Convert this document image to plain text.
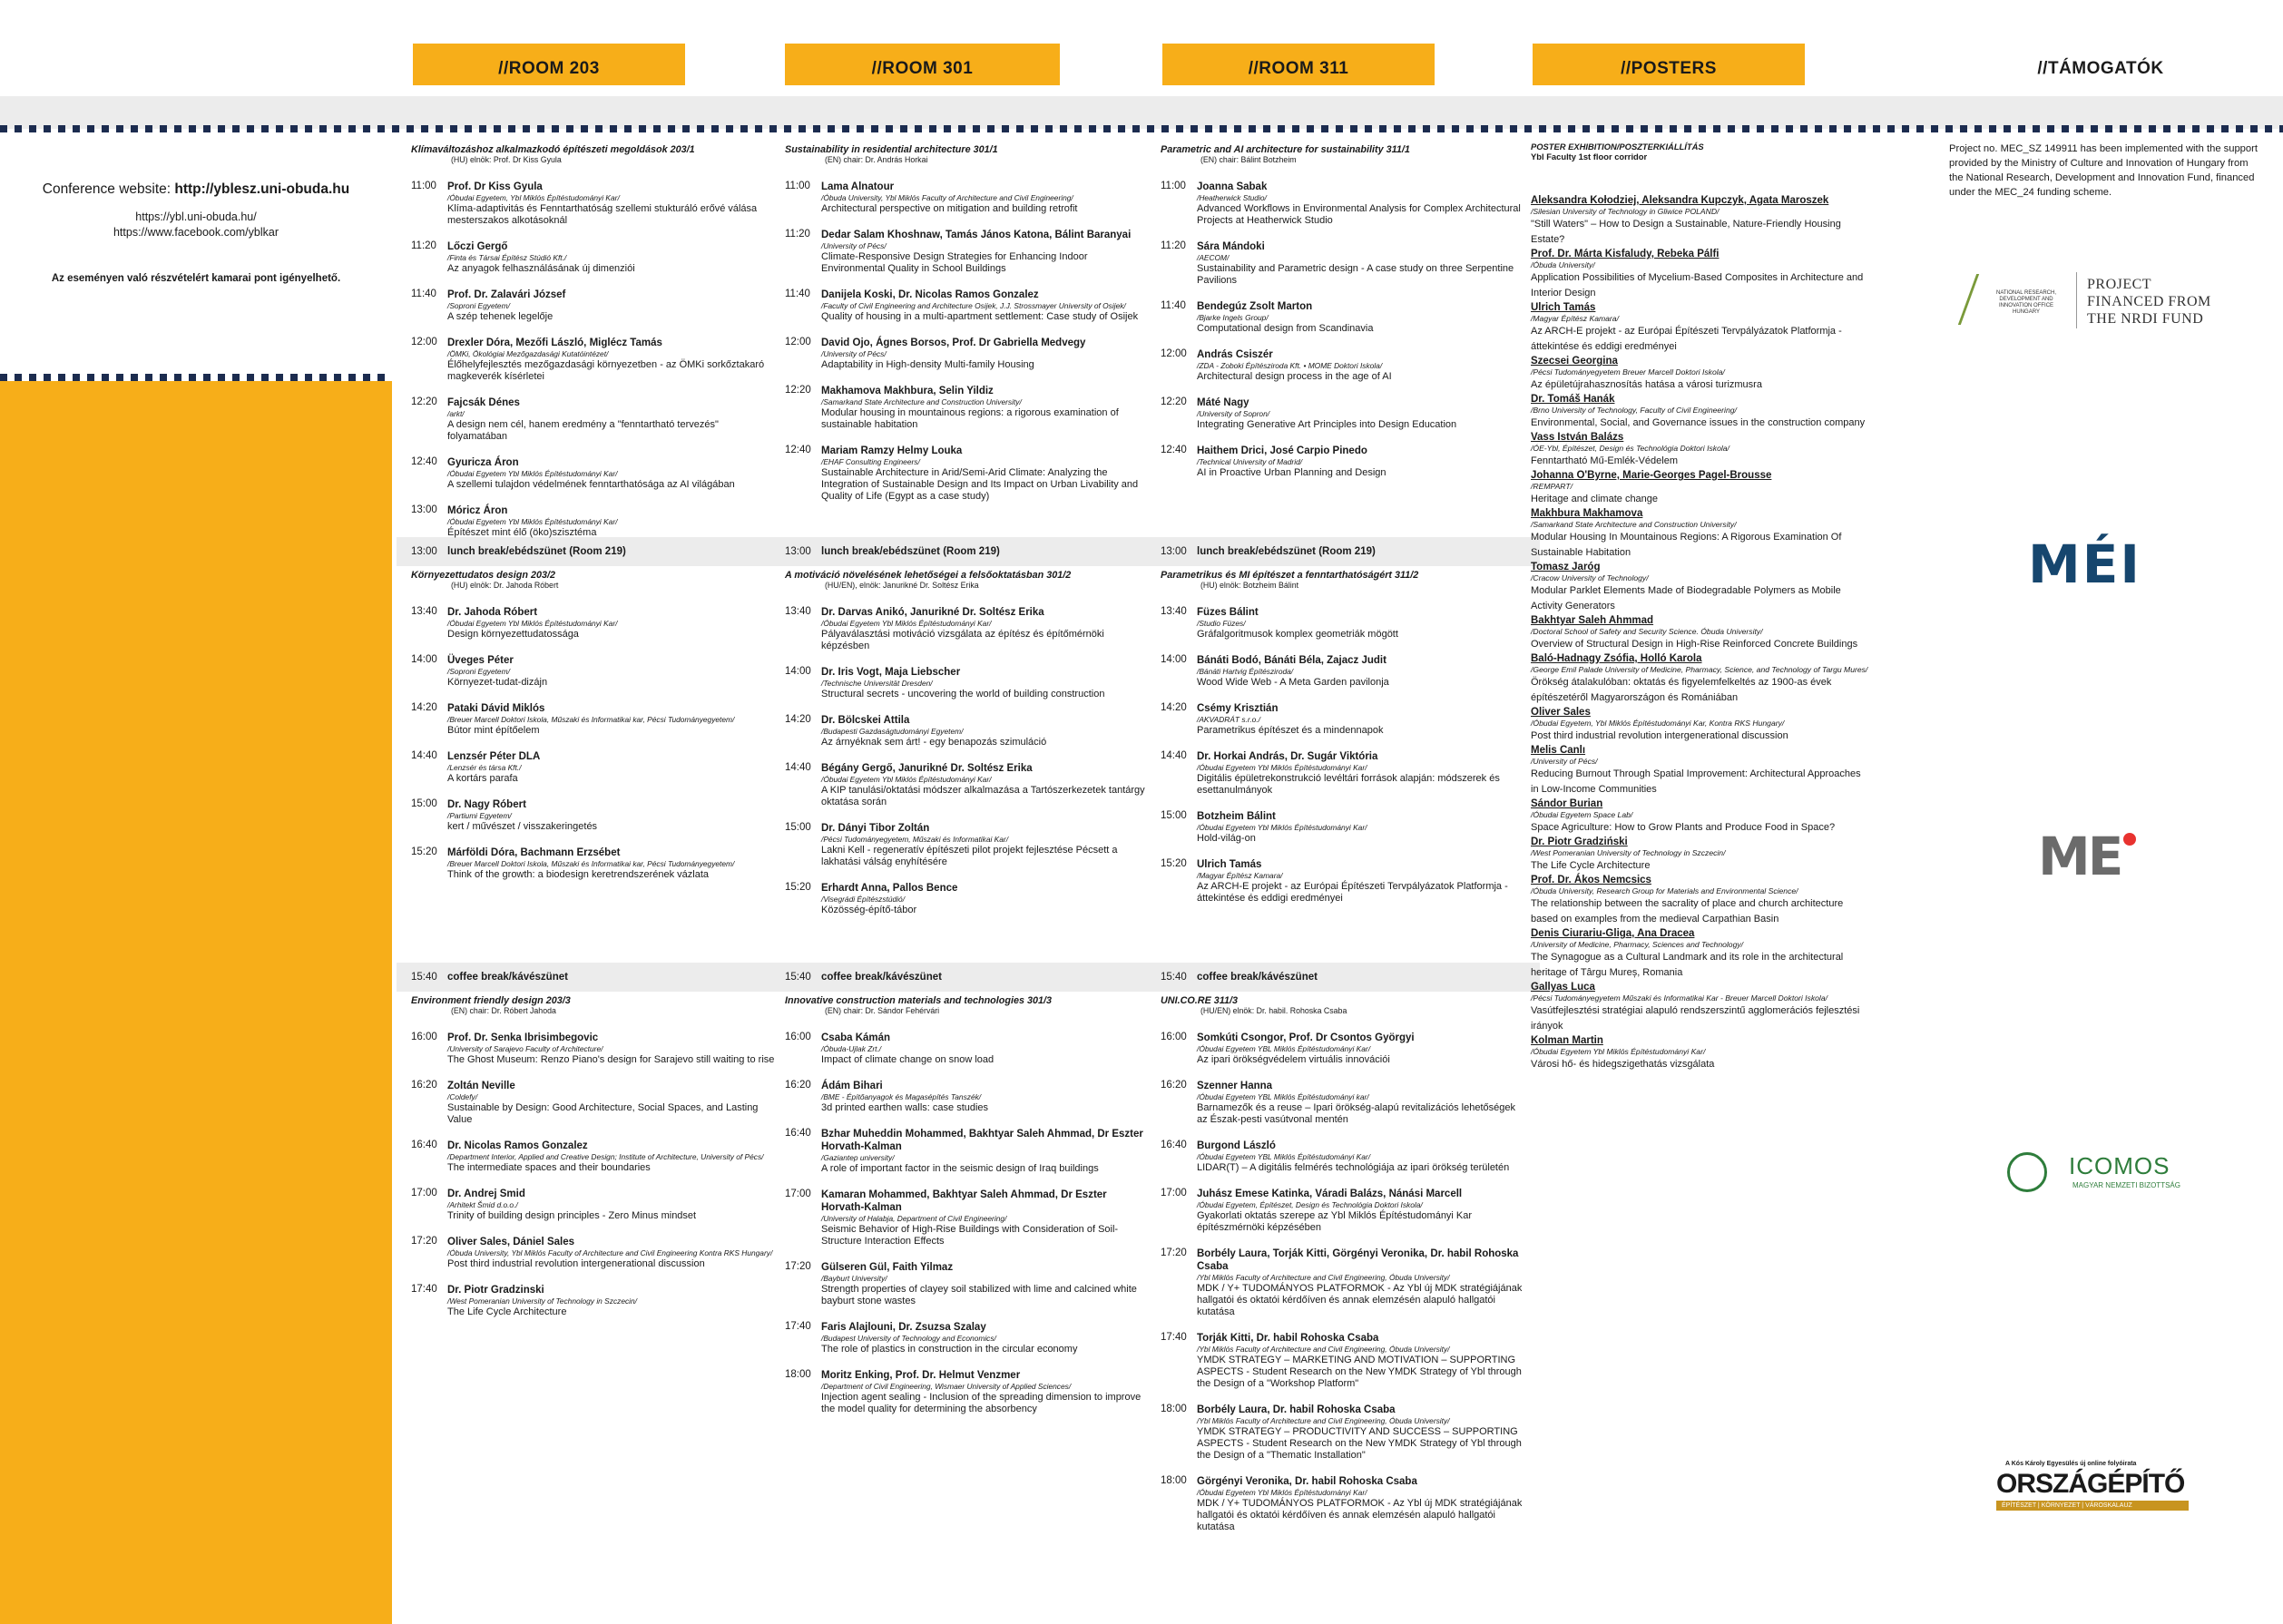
//ROOM 203	//ROOM 301	//ROOM 311	//POSTERS	//TÁMOGATÓK
Conference website: http://yblesz.uni-obuda.hu
https://ybl.uni-obuda.hu/
https://www.facebook.com/yblkar
Az eseményen való részvételért kamarai pont igényelhető.
Klímaváltozáshoz alkalmazkodó építészeti megoldások 203/1
(HU) elnök: Prof. Dr Kiss Gyula
11:00	Prof. Dr Kiss Gyula
/Óbudai Egyetem, Ybl Miklós Építéstudományi Kar/
Klíma-adaptivitás és Fenntarthatóság szellemi stukturáló erővé válása mesterszakos alkotásoknál
11:20	Lőczi Gergő
/Finta és Társai Építész Stúdió Kft./
Az anyagok felhasználásának új dimenziói
11:40	Prof. Dr. Zalavári József
/Soproni Egyetem/
A szép tehenek legelője
12:00 Drexler Dóra, Mezőfi László, Miglécz Tamás
/ÖMKi, Ökológiai Mezőgazdasági Kutatóintézet/
Élőhelyfejlesztés mezőgazdasági környezetben - az ÖMKi sorkőztakaró magkeverék kísérletei
12:20 Fajcsák Dénes
/arkt/
A design nem cél, hanem eredmény a "fenntartható tervezés" folyamatában
12:40 Gyuricza Áron
/Óbudai Egyetem Ybl Miklós Építéstudományi Kar/
A szellemi tulajdon védelmének fenntarthatósága az AI világában
13:00 Móricz Áron
/Óbudai Egyetem Ybl Miklós Építéstudományi Kar/
Építészet mint élő (öko)szisztéma
13:00 lunch break/ebédszünet (Room 219)
Környezettudatos design 203/2
(HU) elnök: Dr. Jahoda Róbert
13:40 Dr. Jahoda Róbert
/Óbudai Egyetem Ybl Miklós Építéstudományi Kar/
Design környezettudatossága
14:00 Üveges Péter
/Soproni Egyetem/
Környezet-tudat-dizájn
14:20 Pataki Dávid Miklós
/Breuer Marcell Doktori Iskola, Műszaki és Informatikai kar, Pécsi Tudományegyetem/
Bútor mint építőelem
14:40 Lenzsér Péter DLA
/Lenzsér és társa Kft./
A kortárs parafa
15:00 Dr. Nagy Róbert
/Partiumi Egyetem/
kert / művészet / visszakeringetés
15:20 Márföldi Dóra, Bachmann Erzsébet
/Breuer Marcell Doktori Iskola, Műszaki és Informatikai kar, Pécsi Tudományegyetem/
Think of the growth: a biodesign keretrendszerének vázlata
15:40 coffee break/kávészünet
Environment friendly design 203/3
(EN) chair: Dr. Róbert Jahoda
16:00 Prof. Dr. Senka Ibrisimbegovic
/University of Sarajevo Faculty of Architecture/
The Ghost Museum: Renzo Piano's design for Sarajevo still waiting to rise
16:20 Zoltán Neville
/Coldefy/
Sustainable by Design: Good Architecture, Social Spaces, and Lasting Value
16:40 Dr. Nicolas Ramos Gonzalez
/Department Interior, Applied and Creative Design; Institute of Architecture, University of Pécs/
The intermediate spaces and their boundaries
17:00 Dr. Andrej Smid
/Arhitekt Šmid d.o.o./
Trinity of building design principles - Zero Minus mindset
17:20 Oliver Sales, Dániel Sales
/Óbuda University, Ybl Miklós Faculty of Architecture and Civil Engineering Kontra RKS Hungary/
Post third industrial revolution intergenerational discussion
17:40 Dr. Piotr Gradzinski
/West Pomeranian University of Technology in Szczecin/
The Life Cycle Architecture
Sustainability in residential architecture 301/1
(EN) chair: Dr. András Horkai
11:00	Lama Alnatour
/Óbuda University, Ybl Miklós Faculty of Architecture and Civil Engineering/
Architectural perspective on mitigation and building retrofit
11:20	Dedar Salam Khoshnaw, Tamás János Katona, Bálint Baranyai
/University of Pécs/
Climate-Responsive Design Strategies for Enhancing Indoor Environmental Quality in School Buildings
11:40	Danijela Koski, Dr. Nicolas Ramos Gonzalez
/Faculty of Civil Engineering and Architecture Osijek, J.J. Strossmayer University of Osijek/
Quality of housing in a multi-apartment settlement: Case study of Osijek
12:00 David Ojo, Ágnes Borsos, Prof. Dr Gabriella Medvegy
/University of Pécs/
Adaptability in High-density Multi-family Housing
12:20 Makhamova Makhbura, Selin Yildiz
/Samarkand State Architecture and Construction University/
Modular housing in mountainous regions: a rigorous examination of sustainable habitation
12:40 Mariam Ramzy Helmy Louka
/EHAF Consulting Engineers/
Sustainable Architecture in Arid/Semi-Arid Climate: Analyzing the Integration of Sustainable Design and Its Impact on Urban Livability and Quality of Life (Egypt as a case study)
13:00 lunch break/ebédszünet (Room 219)
A motiváció növelésének lehetőségei a felsőoktatásban 301/2
(HU/EN), elnök: Janurikné Dr. Soltész Erika
13:40 Dr. Darvas Anikó, Janurikné Dr. Soltész Erika
/Óbudai Egyetem Ybl Miklós Építéstudományi Kar/
Pályaválasztási motiváció vizsgálata az építész és építőmérnöki képzésben
14:00 Dr. Iris Vogt, Maja Liebscher
/Technische Universität Dresden/
Structural secrets - uncovering the world of building construction
14:20 Dr. Bölcskei Attila
/Budapesti Gazdaságtudományi Egyetem/
Az árnyéknak sem árt! - egy benapozás szimuláció
14:40 Bégány Gergő, Janurikné Dr. Soltész Erika
/Óbudai Egyetem Ybl Miklós Építéstudományi Kar/
A KIP tanulási/oktatási módszer alkalmazása a Tartószerkezetek tantárgy oktatása során
15:00 Dr. Dányi Tibor Zoltán
/Pécsi Tudományegyetem, Műszaki és Informatikai Kar/
Lakni Kell - regeneratív építészeti pilot projekt fejlesztése Pécsett a lakhatási válság enyhítésére
15:20 Erhardt Anna, Pallos Bence
/Visegrádi Építészstúdió/
Közösség-építő-tábor
15:40 coffee break/kávészünet
Innovative construction materials and technologies 301/3
(EN) chair: Dr. Sándor Fehérvári
16:00 Csaba Kámán
/Óbuda-Ujlak Zrt./
Impact of climate change on snow load
16:20 Ádám Bihari
/BME - Építőanyagok és Magasépítés Tanszék/
3d printed earthen walls: case studies
16:40 Bzhar Muheddin Mohammed, Bakhtyar Saleh Ahmmad, Dr Eszter Horvath-Kalman
/Gaziantep university/
A role of important factor in the seismic design of Iraq buildings
17:00 Kamaran Mohammed, Bakhtyar Saleh Ahmmad, Dr Eszter Horvath-Kalman
/University of Halabja, Department of Civil Engineering/
Seismic Behavior of High-Rise Buildings with Consideration of Soil-Structure Interaction Effects
17:20 Gülseren Gül, Faith Yilmaz
/Bayburt University/
Strength properties of clayey soil stabilized with lime and calcined white bayburt stone wastes
17:40 Faris Alajlouni, Dr. Zsuzsa Szalay
/Budapest University of Technology and Economics/
The role of plastics in construction in the circular economy
18:00 Moritz Enking, Prof. Dr. Helmut Venzmer
/Department of Civil Engineering, Wismaer University of Applied Sciences/
Injection agent sealing - Inclusion of the spreading dimension to improve the model quality for determining the absorbency
Parametric and AI architecture for sustainability 311/1
(EN) chair: Bálint Botzheim
11:00	Joanna Sabak
/Heatherwick Studio/
Advanced Workflows in Environmental Analysis for Complex Architectural Projects at Heatherwick Studio
11:20	Sára Mándoki
/AECOM/
Sustainability and Parametric design - A case study on three Serpentine Pavilions
11:40	Bendegúz Zsolt Marton
/Bjarke Ingels Group/
Computational design from Scandinavia
12:00 András Csiszér
/ZDA - Zoboki Építésziroda Kft. • MOME Doktori Iskola/
Architectural design process in the age of AI
12:20 Máté Nagy
/University of Sopron/
Integrating Generative Art Principles into Design Education
12:40 Haithem Drici, José Carpio Pinedo
/Technical University of Madrid/
AI in Proactive Urban Planning and Design
13:00 lunch break/ebédszünet (Room 219)
Parametrikus és MI építészet a fenntarthatóságért 311/2
(HU) elnök: Botzheim Bálint
13:40 Füzes Bálint
/Studio Füzes/
Gráfalgoritmusok komplex geometriák mögött
14:00 Bánáti Bodó, Bánáti Béla, Zajacz Judit
/Bánáti Hartvig Építésziroda/
Wood Wide Web - A Meta Garden pavilonja
14:20 Csémy Krisztián
/AKVADRÁT s.r.o./
Parametrikus építészet és a mindennapok
14:40 Dr. Horkai András, Dr. Sugár Viktória
/Óbudai Egyetem Ybl Miklós Építéstudományi Kar/
Digitális épületrekonstrukció levéltári források alapján: módszerek és esettanulmányok
15:00 Botzheim Bálint
/Óbudai Egyetem Ybl Miklós Építéstudományi Kar/
Hold-világ-on
15:20 Ulrich Tamás
/Magyar Építész Kamara/
Az ARCH-E projekt - az Európai Építészeti Tervpályázatok Platformja - áttekintése és eddigi eredményei
15:40 coffee break/kávészünet
UNI.CO.RE 311/3
(HU/EN) elnök: Dr. habil. Rohoska Csaba
16:00 Somkúti Csongor, Prof. Dr Csontos Györgyi
/Óbudai Egyetem YBL Miklós Építéstudományi Kar/
Az ipari örökségvédelem virtuális innovációi
16:20 Szenner Hanna
/Óbudai Egyetem YBL Miklós Építéstudományi kar/
Barnamezők és a reuse – Ipari örökség-alapú revitalizációs lehetőségek az Észak-pesti vasútvonal mentén
16:40 Burgond László
/Óbudai Egyetem YBL Miklós Építéstudományi Kar/
LIDAR(T) – A digitális felmérés technológiája az ipari örökség területén
17:00 Juhász Emese Katinka, Váradi Balázs, Nánási Marcell
/Óbudai Egyetem, Építészet, Design és Technológia Doktori Iskola/
Gyakorlati oktatás szerepe az Ybl Miklós Építéstudományi Kar építészmérnöki képzésében
17:20 Borbély Laura, Torják Kitti, Görgényi Veronika, Dr. habil Rohoska Csaba
/Ybl Miklós Faculty of Architecture and Civil Engineering, Óbuda University/
MDK / Y+ TUDOMÁNYOS PLATFORMOK - Az Ybl új MDK stratégiájának hallgatói és oktatói kérdőíven és annak elemzésén alapuló hallgatói kutatása
17:40 Torják Kitti, Dr. habil Rohoska Csaba
/Ybl Miklós Faculty of Architecture and Civil Engineering, Óbuda University/
YMDK STRATEGY – MARKETING AND MOTIVATION – SUPPORTING ASPECTS - Student Research on the New YMDK Strategy of Ybl through the Design of a "Workshop Platform"
18:00 Borbély Laura, Dr. habil Rohoska Csaba
/Ybl Miklós Faculty of Architecture and Civil Engineering, Óbuda University/
YMDK STRATEGY – PRODUCTIVITY AND SUCCESS – SUPPORTING ASPECTS - Student Research on the New YMDK Strategy of Ybl through the Design of a "Thematic Installation"
18:00 Görgényi Veronika, Dr. habil Rohoska Csaba
/Óbudai Egyetem Ybl Miklós Építéstudományi Kar/
MDK / Y+ TUDOMÁNYOS PLATFORMOK - Az Ybl új MDK stratégiájának hallgatói és oktatói kérdőíven és annak elemzésén alapuló hallgatói kutatása
POSTER EXHIBITION/POSZTERKIÁLLÍTÁS
Ybl Faculty 1st floor corridor
Aleksandra Kołodziej, Aleksandra Kupczyk, Agata Maroszek
/Silesian University of Technology in Gliwice POLAND/
"Still Waters" – How to Design a Sustainable, Nature-Friendly Housing Estate?
Prof. Dr. Márta Kisfaludy, Rebeka Pálfi
/Óbuda University/
Application Possibilities of Mycelium-Based Composites in Architecture and Interior Design
Ulrich Tamás
/Magyar Építész Kamara/
Az ARCH-E projekt - az Európai Építészeti Tervpályázatok Platformja - áttekintése és eddigi eredményei
Szecsei Georgina
/Pécsi Tudományegyetem Breuer Marcell Doktori Iskola/
Az épületújrahasznosítás hatása a városi turizmusra
Dr. Tomáš Hanák
/Brno University of Technology, Faculty of Civil Engineering/
Environmental, Social, and Governance issues in the construction company
Vass István Balázs
/ÓE-Ybl, Építészet, Design és Technológia Doktori Iskola/
Fenntartható Mű-Emlék-Védelem
Johanna O'Byrne, Marie-Georges Pagel-Brousse
/REMPART/
Heritage and climate change
Makhbura Makhamova
/Samarkand State Architecture and Construction University/
Modular Housing In Mountainous Regions: A Rigorous Examination Of Sustainable Habitation
Tomasz Jaróg
/Cracow University of Technology/
Modular Parklet Elements Made of Biodegradable Polymers as Mobile Activity Generators
Bakhtyar Saleh Ahmmad
/Doctoral School of Safety and Security Science. Óbuda University/
Overview of Structural Design in High-Rise Reinforced Concrete Buildings
Baló-Hadnagy Zsófia, Holló Karola
/George Emil Palade University of Medicine, Pharmacy, Science, and Technology of Targu Mures/
Örökség átalakulóban: oktatás és figyelemfelkeltés az 1900-as évek építészetéről Magyarországon és Romániában
Oliver Sales
/Óbudai Egyetem, Ybl Miklós Építéstudományi Kar, Kontra RKS Hungary/
Post third industrial revolution intergenerational discussion
Melis Canlı
/University of Pécs/
Reducing Burnout Through Spatial Improvement: Architectural Approaches in Low-Income Communities
Sándor Burian
/Óbudai Egyetem Space Lab/
Space Agriculture: How to Grow Plants and Produce Food in Space?
Dr. Piotr Gradziński
/West Pomeranian University of Technology in Szczecin/
The Life Cycle Architecture
Prof. Dr. Ákos Nemcsics
/Óbuda University, Research Group for Materials and Environmental Science/
The relationship between the sacrality of place and church architecture based on examples from the medieval Carpathian Basin
Denis Ciurariu-Gliga, Ana Dracea
/University of Medicine, Pharmacy, Sciences and Technology/
The Synagogue as a Cultural Landmark and its role in the architectural heritage of Târgu Mureș, Romania
Gallyas Luca
/Pécsi Tudományegyetem Műszaki és Informatikai Kar - Breuer Marcell Doktori Iskola/
Vasútfejlesztési stratégiai alapuló rendszerszintű agglomerációs fejlesztési irányok
Kolman Martin
/Óbudai Egyetem Ybl Miklós Építéstudományi Kar/
Városi hő- és hidegszigethatás vizsgálata
Project no. MEC_SZ 149911 has been implemented with the support provided by the Ministry of Culture and Innovation of Hungary from the National Research, Development and Innovation Fund, financed under the MEC_24 funding scheme.
NATIONAL RESEARCH, DEVELOPMENT AND INNOVATION OFFICE
HUNGARY
PROJECT
FINANCED FROM
THE NRDI FUND
MÉI
ME
ICOMOS
MAGYAR NEMZETI BIZOTTSÁG
A Kós Károly Egyesülés új online folyóirata
ORSZÁGÉPÍTŐ
ÉPÍTÉSZET | KÖRNYEZET | VÁROSKALAUZ
